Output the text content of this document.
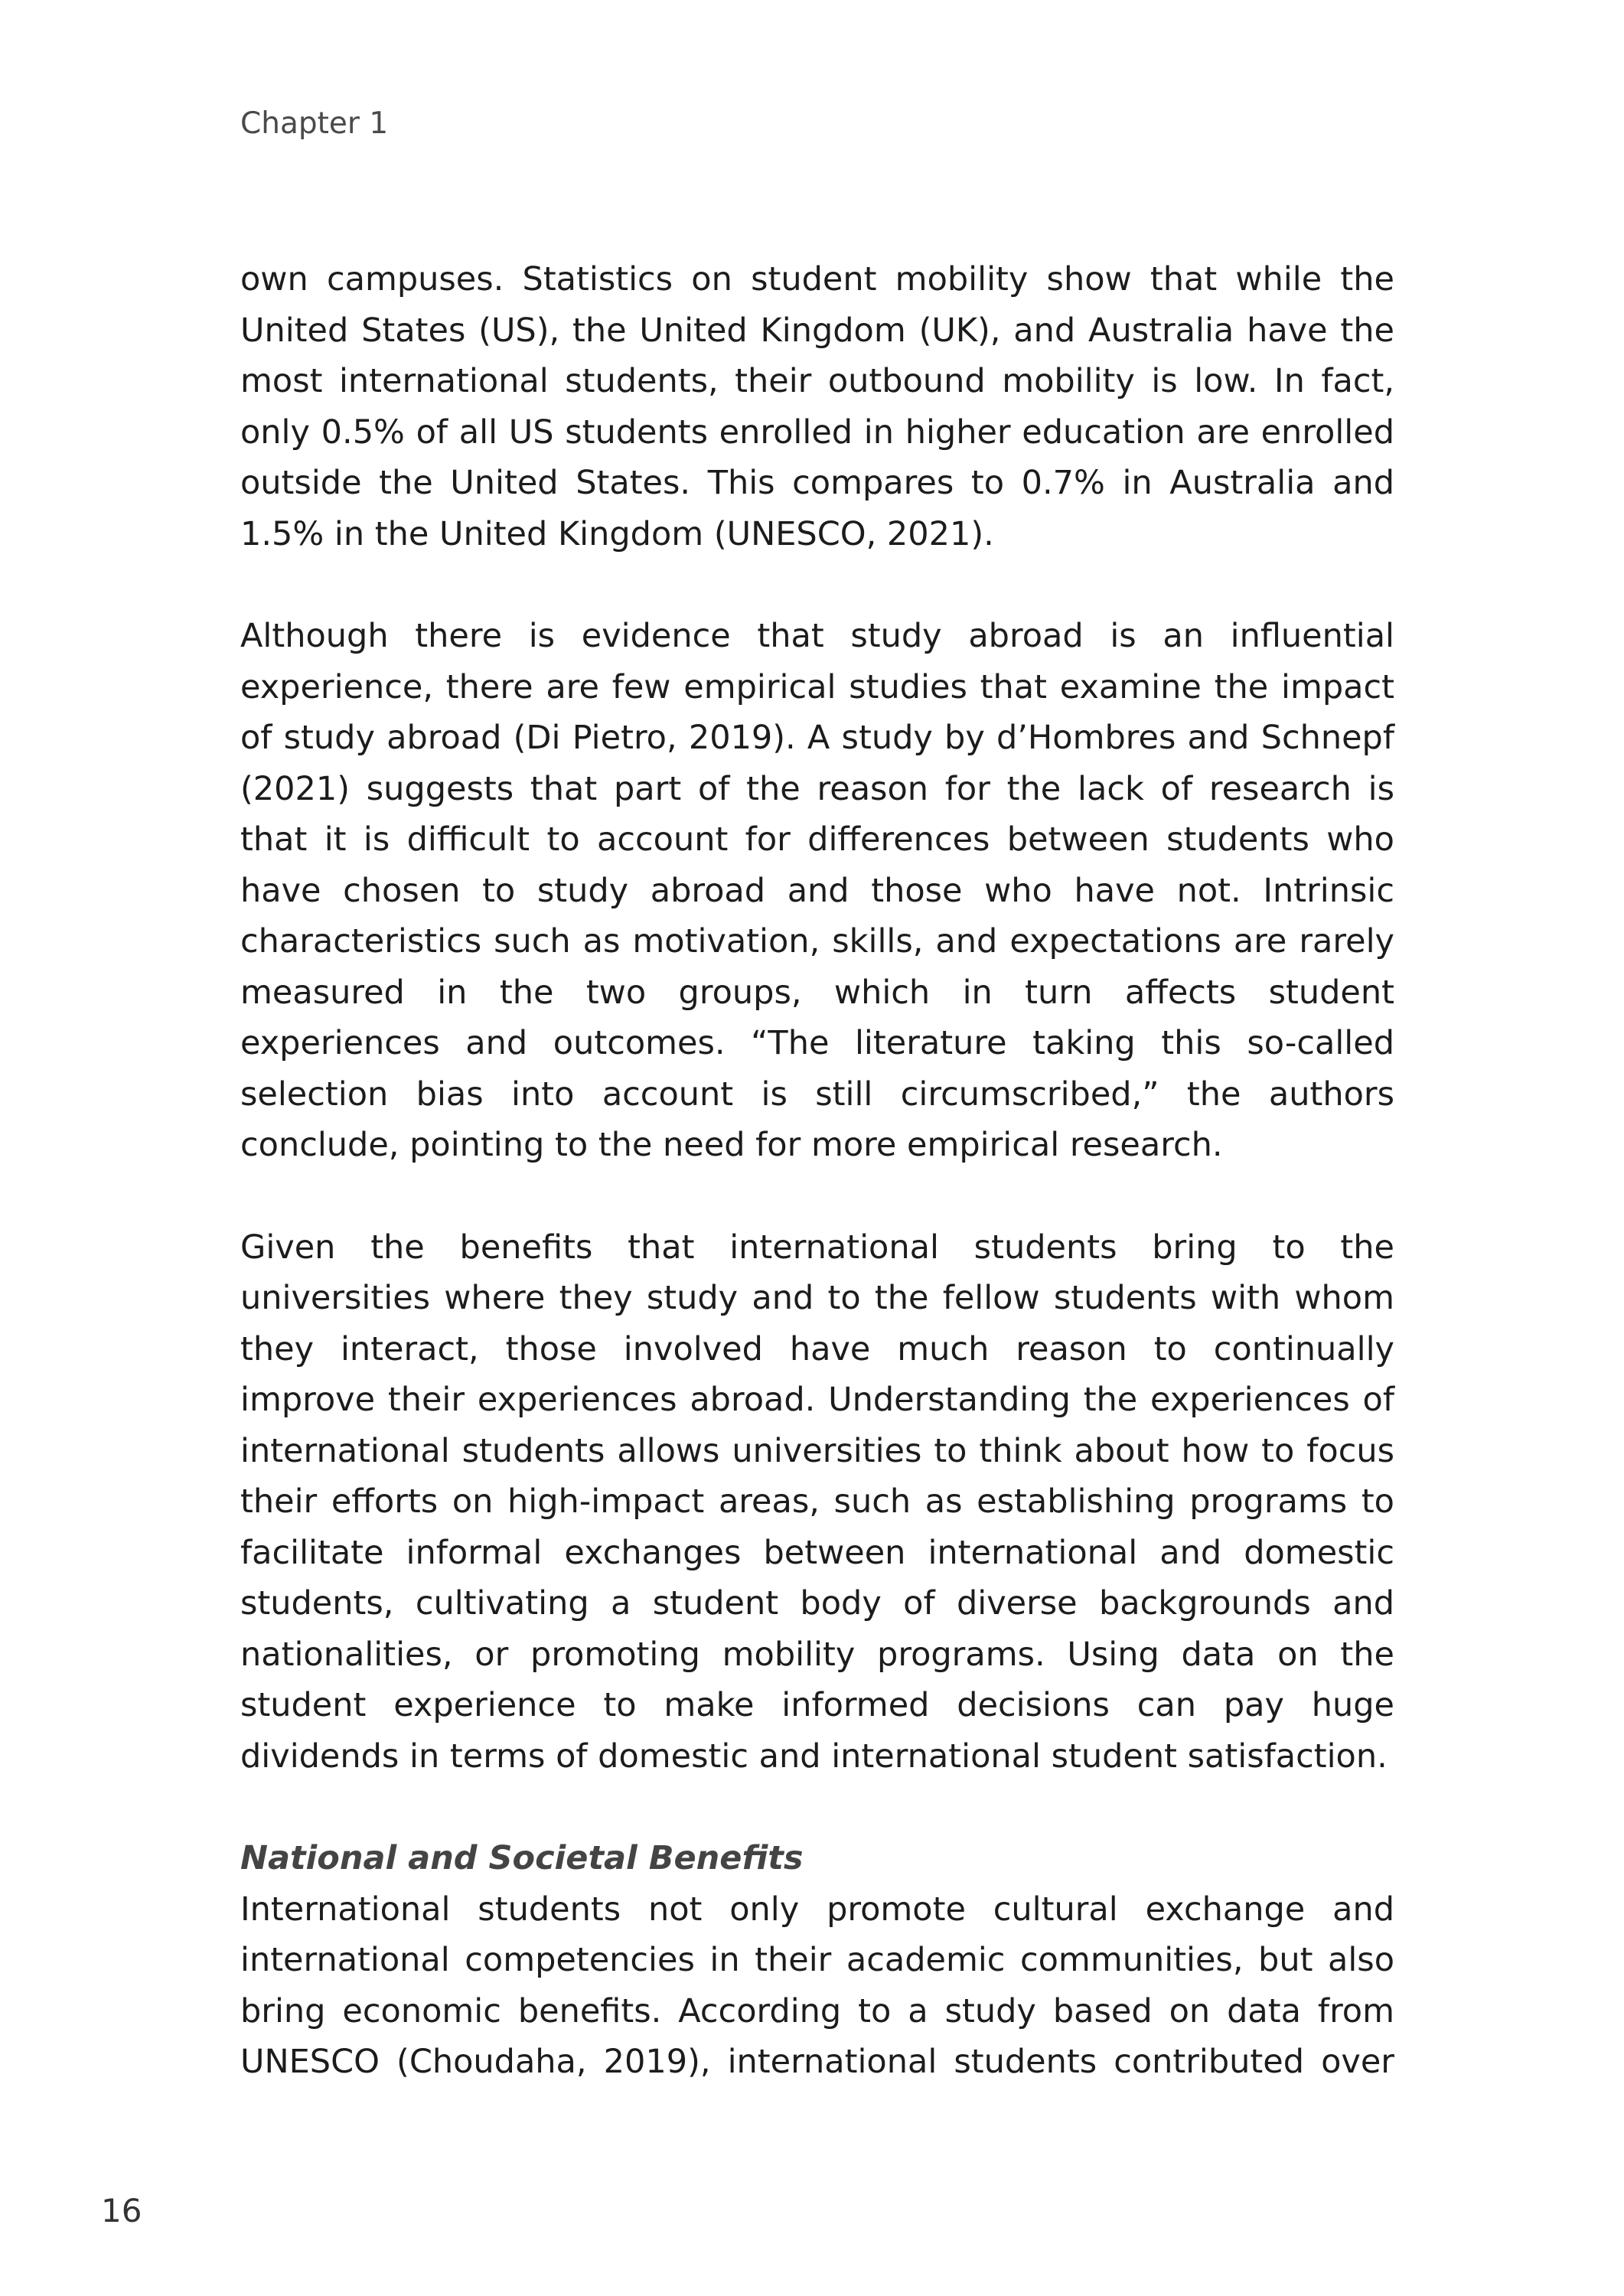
Chapter 1

own campuses. Statistics on student mobility show that while the United States (US), the United Kingdom (UK), and Australia have the most international students, their outbound mobility is low. In fact, only 0.5% of all US students enrolled in higher education are enrolled outside the United States. This compares to 0.7% in Australia and 1.5% in the United Kingdom (UNESCO, 2021).

Although there is evidence that study abroad is an influential experience, there are few empirical studies that examine the impact of study abroad (Di Pietro, 2019). A study by d’Hombres and Schnepf (2021) suggests that part of the reason for the lack of research is that it is difficult to account for differences between students who have chosen to study abroad and those who have not. Intrinsic characteristics such as motivation, skills, and expectations are rarely measured in the two groups, which in turn affects student experiences and outcomes. “The literature taking this so-called selection bias into account is still circumscribed,” the authors conclude, pointing to the need for more empirical research.

Given the benefits that international students bring to the universities where they study and to the fellow students with whom they interact, those involved have much reason to continually improve their experiences abroad. Understanding the experiences of international students allows universities to think about how to focus their efforts on high-impact areas, such as establishing programs to facilitate informal exchanges between international and domestic students, cultivating a student body of diverse backgrounds and nationalities, or promoting mobility programs. Using data on the student experience to make informed decisions can pay huge dividends in terms of domestic and international student satisfaction.

National and Societal Benefits

International students not only promote cultural exchange and international competencies in their academic communities, but also bring economic benefits. According to a study based on data from UNESCO (Choudaha, 2019), international students contributed over

16
